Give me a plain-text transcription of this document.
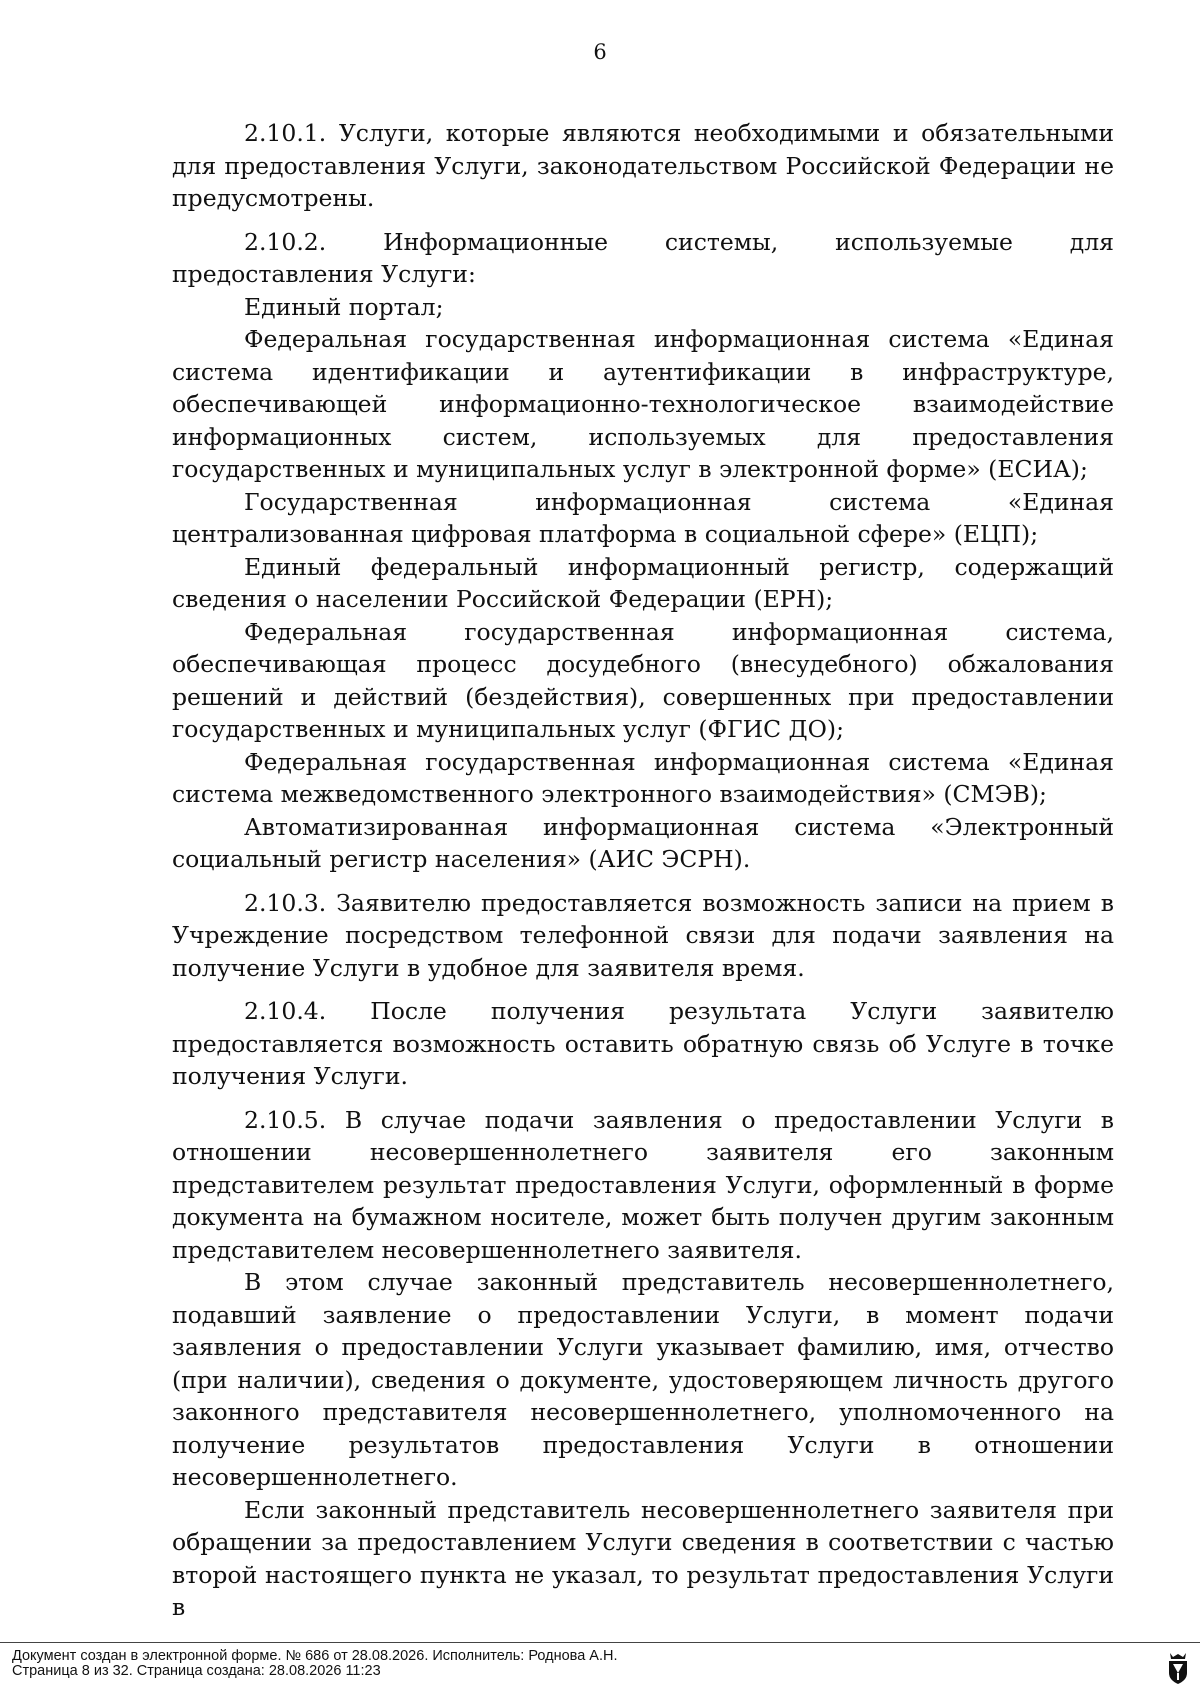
6

2.10.1. Услуги, которые являются необходимыми и обязательными для предоставления Услуги, законодательством Российской Федерации не предусмотрены.

2.10.2. Информационные системы, используемые для предоставления Услуги:

Единый портал;

Федеральная государственная информационная система «Единая система идентификации и аутентификации в инфраструктуре, обеспечивающей информационно-технологическое взаимодействие информационных систем, используемых для предоставления государственных и муниципальных услуг в электронной форме» (ЕСИА);

Государственная информационная система «Единая централизованная цифровая платформа в социальной сфере» (ЕЦП);

Единый федеральный информационный регистр, содержащий сведения о населении Российской Федерации (ЕРН);

Федеральная государственная информационная система, обеспечивающая процесс досудебного (внесудебного) обжалования решений и действий (бездействия), совершенных при предоставлении государственных и муниципальных услуг (ФГИС ДО);

Федеральная государственная информационная система «Единая система межведомственного электронного взаимодействия» (СМЭВ);

Автоматизированная информационная система «Электронный социальный регистр населения» (АИС ЭСРН).

2.10.3. Заявителю предоставляется возможность записи на прием в Учреждение посредством телефонной связи для подачи заявления на получение Услуги в удобное для заявителя время.

2.10.4. После получения результата Услуги заявителю предоставляется возможность оставить обратную связь об Услуге в точке получения Услуги.

2.10.5. В случае подачи заявления о предоставлении Услуги в отношении несовершеннолетнего заявителя его законным представителем результат предоставления Услуги, оформленный в форме документа на бумажном носителе, может быть получен другим законным представителем несовершеннолетнего заявителя.

В этом случае законный представитель несовершеннолетнего, подавший заявление о предоставлении Услуги, в момент подачи заявления о предоставлении Услуги указывает фамилию, имя, отчество (при наличии), сведения о документе, удостоверяющем личность другого законного представителя несовершеннолетнего, уполномоченного на получение результатов предоставления Услуги в отношении несовершеннолетнего.

Если законный представитель несовершеннолетнего заявителя при обращении за предоставлением Услуги сведения в соответствии с частью второй настоящего пункта не указал, то результат предоставления Услуги в

Документ создан в электронной форме. № 686 от 28.08.2026. Исполнитель: Роднова А.Н.
Страница 8 из 32. Страница создана: 28.08.2026 11:23
